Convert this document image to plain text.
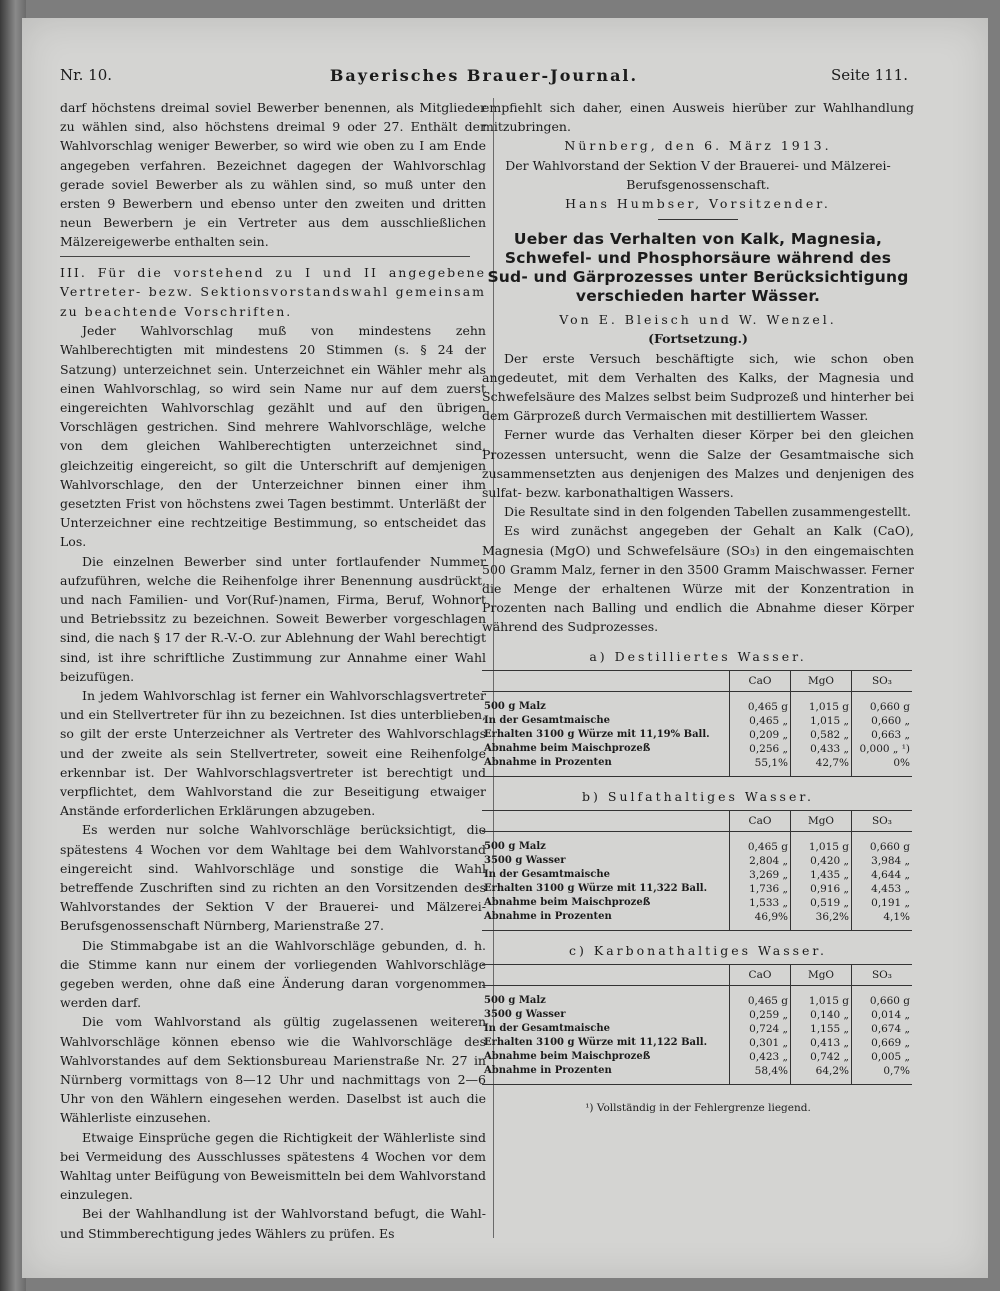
Nr. 10.	Bayerisches Brauer-Journal.	Seite 111.

darf höchstens dreimal soviel Bewerber benennen, als Mitglieder zu wählen sind, also höchstens dreimal 9 oder 27. Enthält der Wahlvorschlag weniger Bewerber, so wird wie oben zu I am Ende angegeben verfahren. Bezeichnet dagegen der Wahlvorschlag gerade soviel Bewerber als zu wählen sind, so muß unter den ersten 9 Bewerbern und ebenso unter den zweiten und dritten neun Bewerbern je ein Vertreter aus dem ausschließlichen Mälzereigewerbe enthalten sein.

III. Für die vorstehend zu I und II angegebene Vertreter- bezw. Sektionsvorstandswahl gemeinsam zu beachtende Vorschriften.

Jeder Wahlvorschlag muß von mindestens zehn Wahlberechtigten mit mindestens 20 Stimmen (s. § 24 der Satzung) unterzeichnet sein. Unterzeichnet ein Wähler mehr als einen Wahlvorschlag, so wird sein Name nur auf dem zuerst eingereichten Wahlvorschlag gezählt und auf den übrigen Vorschlägen gestrichen. Sind mehrere Wahlvorschläge, welche von dem gleichen Wahlberechtigten unterzeichnet sind, gleichzeitig eingereicht, so gilt die Unterschrift auf demjenigen Wahlvorschlage, den der Unterzeichner binnen einer ihm gesetzten Frist von höchstens zwei Tagen bestimmt. Unterläßt der Unterzeichner eine rechtzeitige Bestimmung, so entscheidet das Los.

Die einzelnen Bewerber sind unter fortlaufender Nummer aufzuführen, welche die Reihenfolge ihrer Benennung ausdrückt, und nach Familien- und Vor(Ruf-)namen, Firma, Beruf, Wohnort und Betriebssitz zu bezeichnen. Soweit Bewerber vorgeschlagen sind, die nach § 17 der R.-V.-O. zur Ablehnung der Wahl berechtigt sind, ist ihre schriftliche Zustimmung zur Annahme einer Wahl beizufügen.

In jedem Wahlvorschlag ist ferner ein Wahlvorschlagsvertreter und ein Stellvertreter für ihn zu bezeichnen. Ist dies unterblieben, so gilt der erste Unterzeichner als Vertreter des Wahlvorschlags und der zweite als sein Stellvertreter, soweit eine Reihenfolge erkennbar ist. Der Wahlvorschlagsvertreter ist berechtigt und verpflichtet, dem Wahlvorstand die zur Beseitigung etwaiger Anstände erforderlichen Erklärungen abzugeben.

Es werden nur solche Wahlvorschläge berücksichtigt, die spätestens 4 Wochen vor dem Wahltage bei dem Wahlvorstand eingereicht sind. Wahlvorschläge und sonstige die Wahl betreffende Zuschriften sind zu richten an den Vorsitzenden des Wahlvorstandes der Sektion V der Brauerei- und Mälzerei-Berufsgenossenschaft Nürnberg, Marienstraße 27.

Die Stimmabgabe ist an die Wahlvorschläge gebunden, d. h. die Stimme kann nur einem der vorliegenden Wahlvorschläge gegeben werden, ohne daß eine Änderung daran vorgenommen werden darf.

Die vom Wahlvorstand als gültig zugelassenen weiteren Wahlvorschläge können ebenso wie die Wahlvorschläge des Wahlvorstandes auf dem Sektionsbureau Marienstraße Nr. 27 in Nürnberg vormittags von 8—12 Uhr und nachmittags von 2—6 Uhr von den Wählern eingesehen werden. Daselbst ist auch die Wählerliste einzusehen.

Etwaige Einsprüche gegen die Richtigkeit der Wählerliste sind bei Vermeidung des Ausschlusses spätestens 4 Wochen vor dem Wahltag unter Beifügung von Beweismitteln bei dem Wahlvorstand einzulegen.

Bei der Wahlhandlung ist der Wahlvorstand befugt, die Wahl- und Stimmberechtigung jedes Wählers zu prüfen. Es

empfiehlt sich daher, einen Ausweis hierüber zur Wahlhandlung mitzubringen.

Nürnberg, den 6. März 1913.

Der Wahlvorstand der Sektion V der Brauerei- und Mälzerei-Berufsgenossenschaft.

Hans Humbser, Vorsitzender.

Ueber das Verhalten von Kalk, Magnesia, Schwefel- und Phosphorsäure während des Sud- und Gärprozesses unter Berücksichtigung verschieden harter Wässer.

Von E. Bleisch und W. Wenzel.

(Fortsetzung.)

Der erste Versuch beschäftigte sich, wie schon oben angedeutet, mit dem Verhalten des Kalks, der Magnesia und Schwefelsäure des Malzes selbst beim Sudprozeß und hinterher bei dem Gärprozeß durch Vermaischen mit destilliertem Wasser.

Ferner wurde das Verhalten dieser Körper bei den gleichen Prozessen untersucht, wenn die Salze der Gesamtmaische sich zusammensetzten aus denjenigen des Malzes und denjenigen des sulfat- bezw. karbonathaltigen Wassers.

Die Resultate sind in den folgenden Tabellen zusammengestellt.

Es wird zunächst angegeben der Gehalt an Kalk (CaO), Magnesia (MgO) und Schwefelsäure (SO₃) in den eingemaischten 500 Gramm Malz, ferner in den 3500 Gramm Maischwasser. Ferner die Menge der erhaltenen Würze mit der Konzentration in Prozenten nach Balling und endlich die Abnahme dieser Körper während des Sudprozesses.

a) Destilliertes Wasser.

	CaO	MgO	SO₃
500 g Malz	0,465 g	1,015 g	0,660 g
In der Gesamtmaische	0,465 „	1,015 „	0,660 „
Erhalten 3100 g Würze mit 11,19% Ball.	0,209 „	0,582 „	0,663 „
Abnahme beim Maischprozeß	0,256 „	0,433 „	0,000 „ ¹)
Abnahme in Prozenten	55,1%	42,7%	0%

b) Sulfathaltiges Wasser.

	CaO	MgO	SO₃
500 g Malz	0,465 g	1,015 g	0,660 g
3500 g Wasser	2,804 „	0,420 „	3,984 „
In der Gesamtmaische	3,269 „	1,435 „	4,644 „
Erhalten 3100 g Würze mit 11,322 Ball.	1,736 „	0,916 „	4,453 „
Abnahme beim Maischprozeß	1,533 „	0,519 „	0,191 „
Abnahme in Prozenten	46,9%	36,2%	4,1%

c) Karbonathaltiges Wasser.

	CaO	MgO	SO₃
500 g Malz	0,465 g	1,015 g	0,660 g
3500 g Wasser	0,259 „	0,140 „	0,014 „
In der Gesamtmaische	0,724 „	1,155 „	0,674 „
Erhalten 3100 g Würze mit 11,122 Ball.	0,301 „	0,413 „	0,669 „
Abnahme beim Maischprozeß	0,423 „	0,742 „	0,005 „
Abnahme in Prozenten	58,4%	64,2%	0,7%
¹) Vollständig in der Fehlergrenze liegend.
